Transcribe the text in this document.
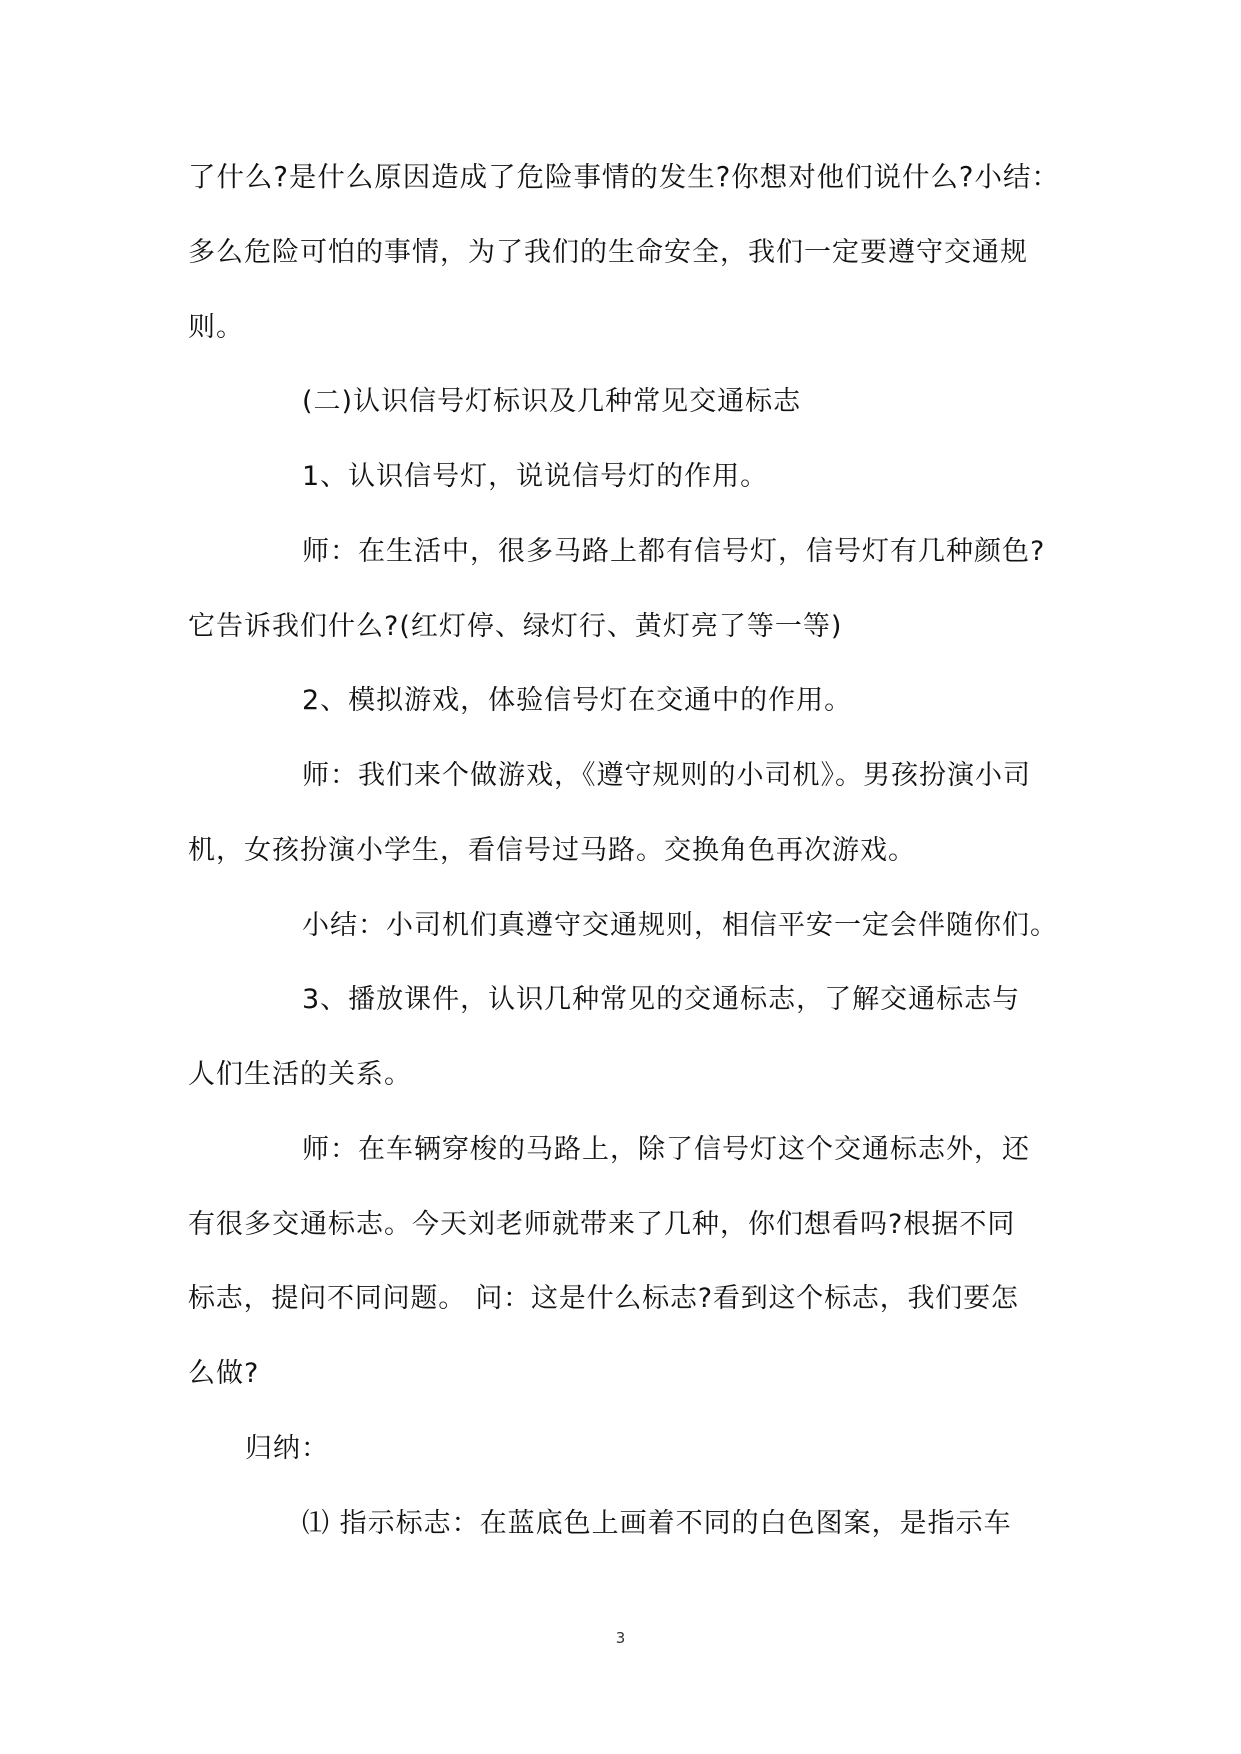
了什么?是什么原因造成了危险事情的发生?你想对他们说什么?小结：
多么危险可怕的事情，为了我们的生命安全，我们一定要遵守交通规
则。
(二)认识信号灯标识及几种常见交通标志
1、认识信号灯，说说信号灯的作用。
师：在生活中，很多马路上都有信号灯，信号灯有几种颜色?
它告诉我们什么?(红灯停、绿灯行、黄灯亮了等一等)
2、模拟游戏，体验信号灯在交通中的作用。
师：我们来个做游戏，《遵守规则的小司机》。男孩扮演小司
机，女孩扮演小学生，看信号过马路。交换角色再次游戏。
小结：小司机们真遵守交通规则，相信平安一定会伴随你们。
3、播放课件，认识几种常见的交通标志，了解交通标志与
人们生活的关系。
师：在车辆穿梭的马路上，除了信号灯这个交通标志外，还
有很多交通标志。今天刘老师就带来了几种，你们想看吗?根据不同
标志，提问不同问题。 问：这是什么标志?看到这个标志，我们要怎
么做?
归纳：
⑴ 指示标志：在蓝底色上画着不同的白色图案，是指示车
3
